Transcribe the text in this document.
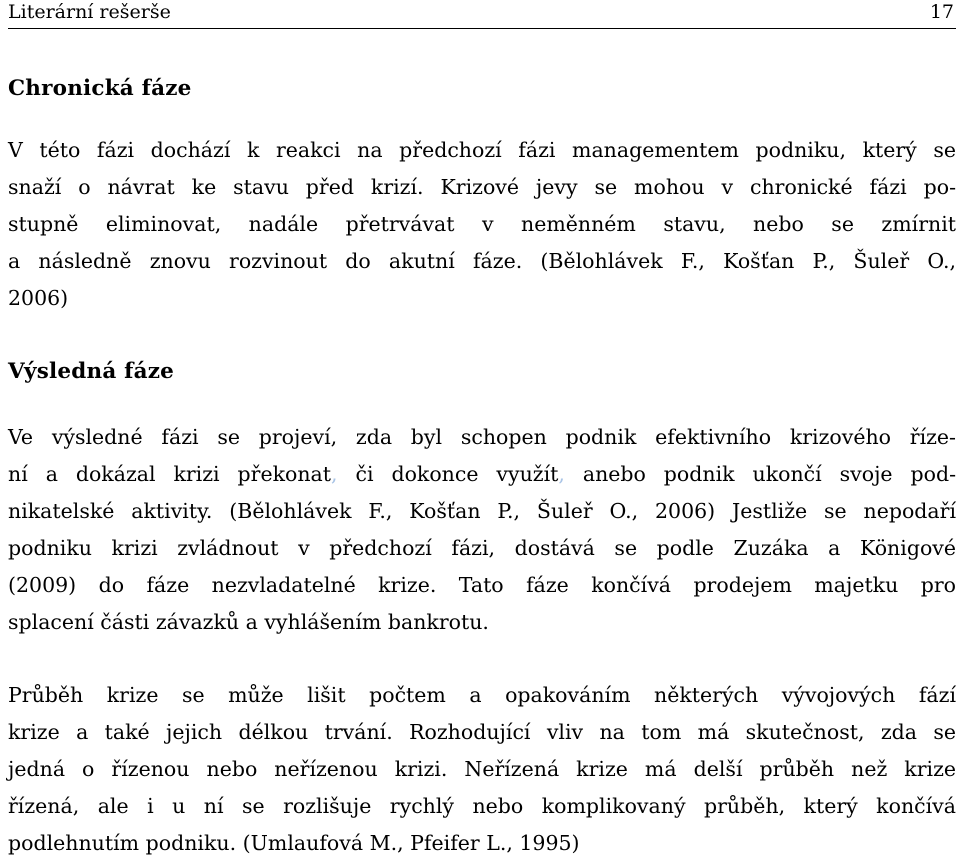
Literární rešerše	17
Chronická fáze

V této fázi dochází k reakci na předchozí fázi managementem podniku, který se
snaží o návrat ke stavu před krizí. Krizové jevy se mohou v chronické fázi po-
stupně eliminovat, nadále přetrvávat v neměnném stavu, nebo se zmírnit
a následně znovu rozvinout do akutní fáze. (Bělohlávek F., Košťan P., Šuleř O.,
2006)

Výsledná fáze

Ve výsledné fázi se projeví, zda byl schopen podnik efektivního krizového říze-
ní a dokázal krizi překonat, či dokonce využít, anebo podnik ukončí svoje pod-
nikatelské aktivity. (Bělohlávek F., Košťan P., Šuleř O., 2006) Jestliže se nepodaří
podniku krizi zvládnout v předchozí fázi, dostává se podle Zuzáka a Königové
(2009) do fáze nezvladatelné krize. Tato fáze končívá prodejem majetku pro
splacení části závazků a vyhlášením bankrotu.

Průběh krize se může lišit počtem a opakováním některých vývojových fází
krize a také jejich délkou trvání. Rozhodující vliv na tom má skutečnost, zda se
jedná o řízenou nebo neřízenou krizi. Neřízená krize má delší průběh než krize
řízená, ale i u ní se rozlišuje rychlý nebo komplikovaný průběh, který končívá
podlehnutím podniku. (Umlaufová M., Pfeifer L., 1995)
